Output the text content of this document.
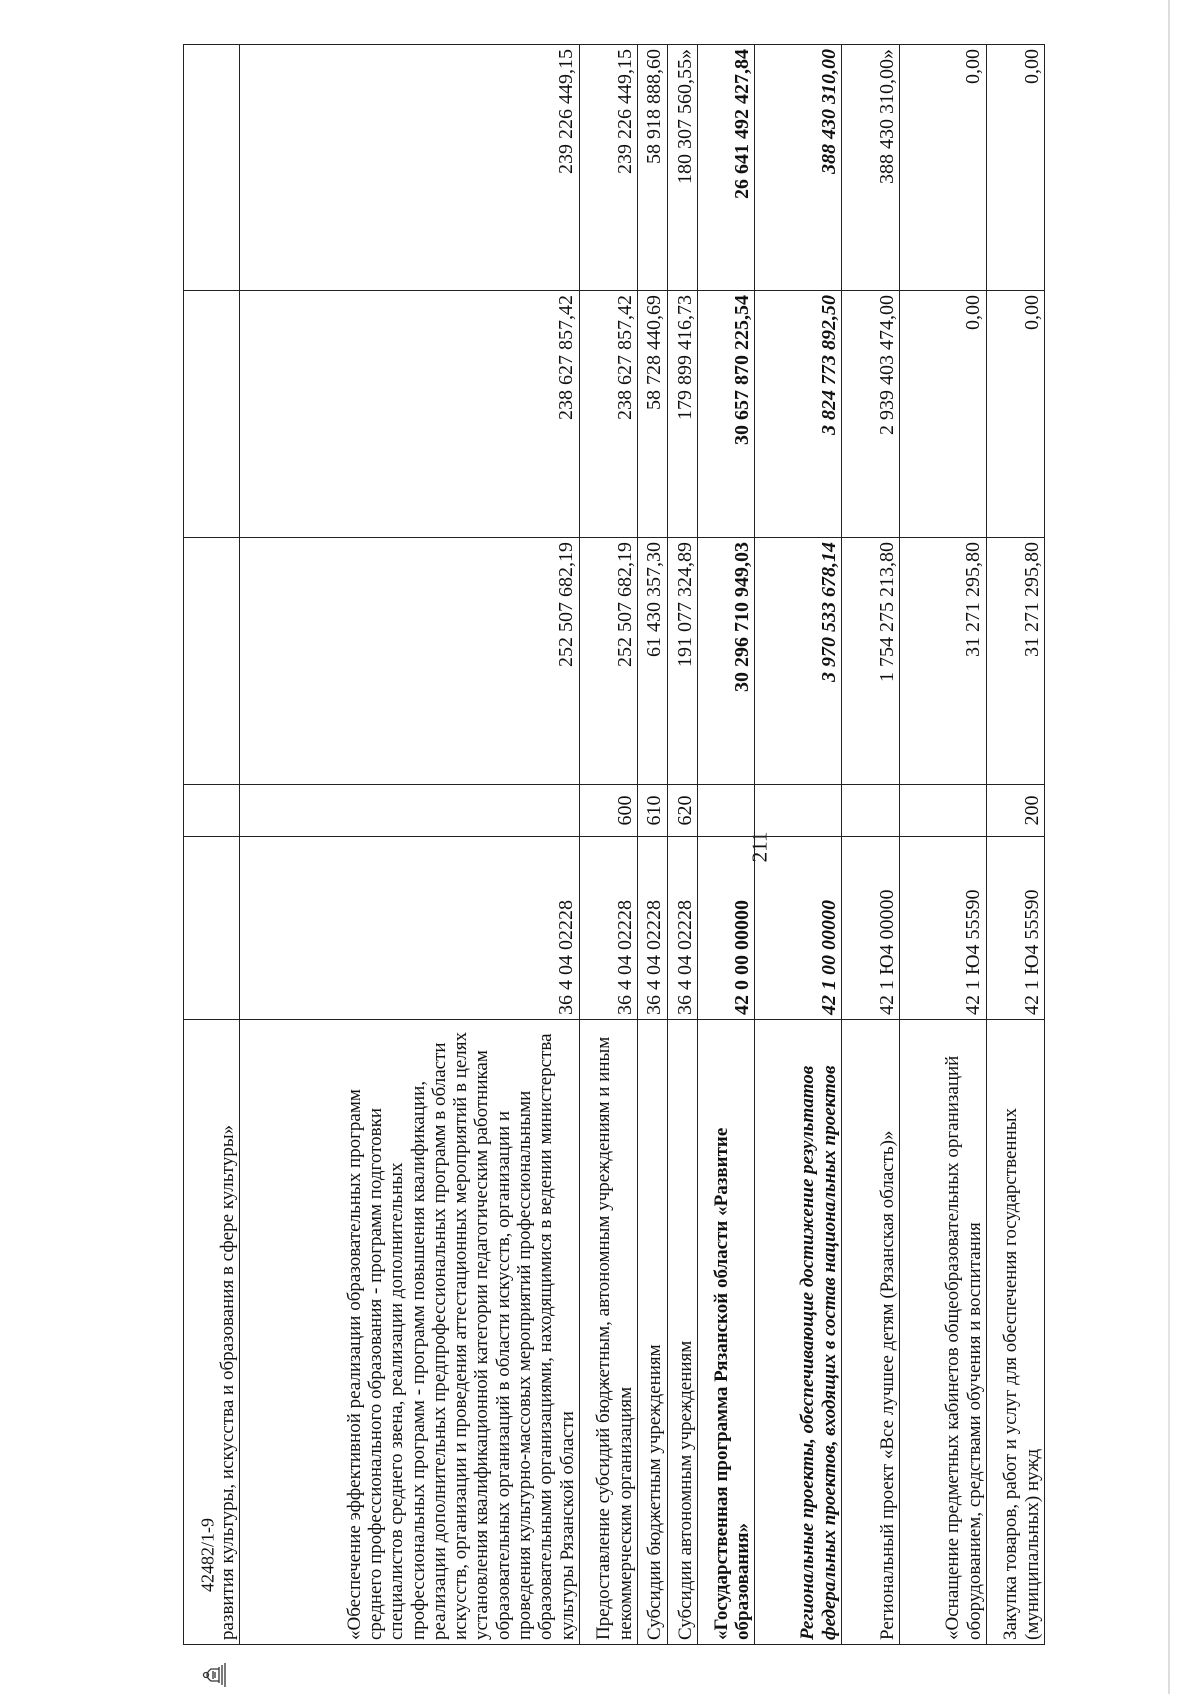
211
развития культуры, искусства и образования в сфере культуры»					
«Обеспечение эффективной реализации образовательных программ среднего профессионального образования - программ подготовки специалистов среднего звена, реализации дополнительных профессиональных программ - программ повышения квалификации, реализации дополнительных предпрофессиональных программ в области искусств, организации и проведения аттестационных мероприятий в целях установления квалификационной категории педагогическим работникам образовательных организаций в области искусств, организации и проведения культурно-массовых мероприятий профессиональными образовательными организациями, находящимися в ведении министерства культуры Рязанской области	36 4 04 02228		252 507 682,19	238 627 857,42	239 226 449,15
Предоставление субсидий бюджетным, автономным учреждениям и иным некоммерческим организациям	36 4 04 02228	600	252 507 682,19	238 627 857,42	239 226 449,15
Субсидии бюджетным учреждениям	36 4 04 02228	610	61 430 357,30	58 728 440,69	58 918 888,60
Субсидии автономным учреждениям	36 4 04 02228	620	191 077 324,89	179 899 416,73	180 307 560,55»
«Государственная программа Рязанской области «Развитие образования»	42 0 00 00000		30 296 710 949,03	30 657 870 225,54	26 641 492 427,84
Региональные проекты, обеспечивающие достижение результатов федеральных проектов, входящих в состав национальных проектов	42 1 00 00000		3 970 533 678,14	3 824 773 892,50	388 430 310,00
Региональный проект «Все лучшее детям (Рязанская область)»	42 1 Ю4 00000		1 754 275 213,80	2 939 403 474,00	388 430 310,00»
«Оснащение предметных кабинетов общеобразовательных организаций оборудованием, средствами обучения и воспитания	42 1 Ю4 55590		31 271 295,80	0,00	0,00
Закупка товаров, работ и услуг для обеспечения государственных (муниципальных) нужд	42 1 Ю4 55590	200	31 271 295,80	0,00	0,00
42482/1-9
